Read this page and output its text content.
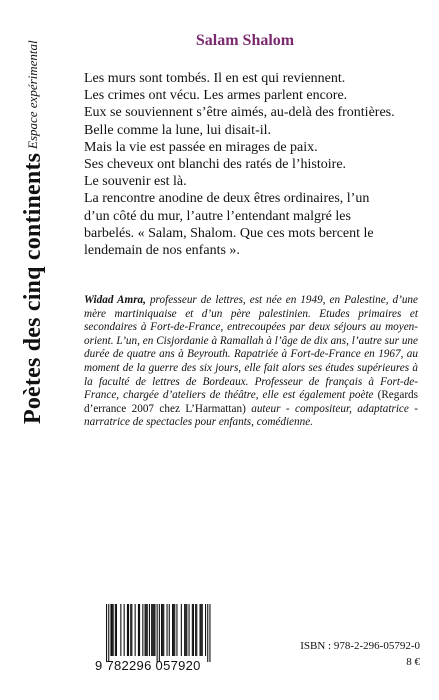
Poètes des cinq continents Espace expérimental	Salam Shalom
Les murs sont tombés. Il en est qui reviennent.
Les crimes ont vécu. Les armes parlent encore.
Eux se souviennent s’être aimés, au-delà des frontières.
Belle comme la lune, lui disait-il.
Mais la vie est passée en mirages de paix.
Ses cheveux ont blanchi des ratés de l’histoire.
Le souvenir est là.
La rencontre anodine de deux êtres ordinaires, l’un
d’un côté du mur, l’autre l’entendant malgré les
barbelés. « Salam, Shalom. Que ces mots bercent le
lendemain de nos enfants ».
Widad Amra, professeur de lettres, est née en 1949, en Palestine, d’une mère martiniquaise et d’un père palestinien. Etudes primaires et secondaires à Fort-de-France, entrecoupées par deux séjours au moyen-orient. L’un, en Cisjordanie à Ramallah à l’âge de dix ans, l’autre sur une durée de quatre ans à Beyrouth. Rapatriée à Fort-de-France en 1967, au moment de la guerre des six jours, elle fait alors ses études supérieures à la faculté de lettres de Bordeaux. Professeur de français à Fort-de-France, chargée d’ateliers de théâtre, elle est également poète (Regards d’errance 2007 chez L’Harmattan) auteur - compositeur, adaptatrice - narratrice de spectacles pour enfants, comédienne.
9 782296 057920
ISBN : 978-2-296-05792-0
8 €
